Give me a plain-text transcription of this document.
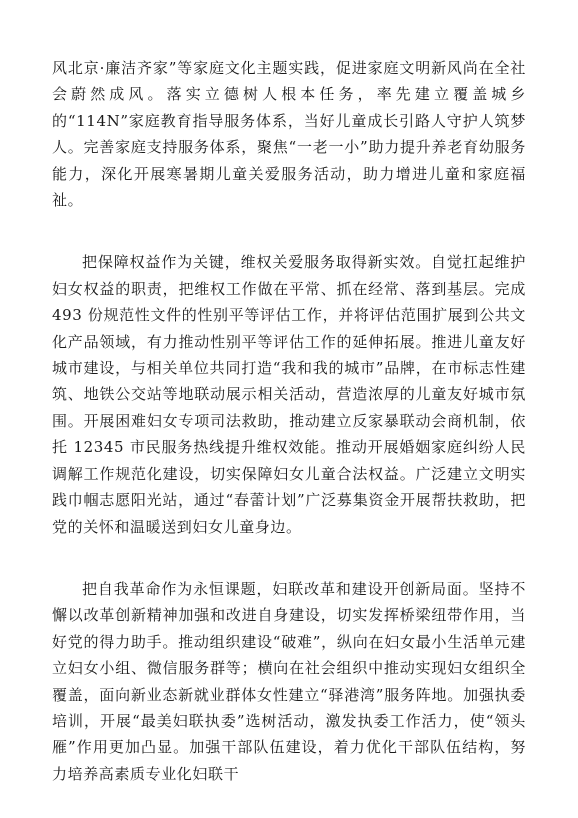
风北京·廉洁齐家”等家庭文化主题实践，促进家庭文明新风尚在全社会蔚然成风。落实立德树人根本任务，率先建立覆盖城乡的“114N”家庭教育指导服务体系，当好儿童成长引路人守护人筑梦人。完善家庭支持服务体系，聚焦“一老一小”助力提升养老育幼服务能力，深化开展寒暑期儿童关爱服务活动，助力增进儿童和家庭福祉。

把保障权益作为关键，维权关爱服务取得新实效。自觉扛起维护妇女权益的职责，把维权工作做在平常、抓在经常、落到基层。完成 493 份规范性文件的性别平等评估工作，并将评估范围扩展到公共文化产品领域，有力推动性别平等评估工作的延伸拓展。推进儿童友好城市建设，与相关单位共同打造“我和我的城市”品牌，在市标志性建筑、地铁公交站等地联动展示相关活动，营造浓厚的儿童友好城市氛围。开展困难妇女专项司法救助，推动建立反家暴联动会商机制，依托 12345 市民服务热线提升维权效能。推动开展婚姻家庭纠纷人民调解工作规范化建设，切实保障妇女儿童合法权益。广泛建立文明实践巾帼志愿阳光站，通过“春蕾计划”广泛募集资金开展帮扶救助，把党的关怀和温暖送到妇女儿童身边。

把自我革命作为永恒课题，妇联改革和建设开创新局面。坚持不懈以改革创新精神加强和改进自身建设，切实发挥桥梁纽带作用，当好党的得力助手。推动组织建设“破难”，纵向在妇女最小生活单元建立妇女小组、微信服务群等；横向在社会组织中推动实现妇女组织全覆盖，面向新业态新就业群体女性建立“驿港湾”服务阵地。加强执委培训，开展“最美妇联执委”选树活动，激发执委工作活力，使“领头雁”作用更加凸显。加强干部队伍建设，着力优化干部队伍结构，努力培养高素质专业化妇联干
